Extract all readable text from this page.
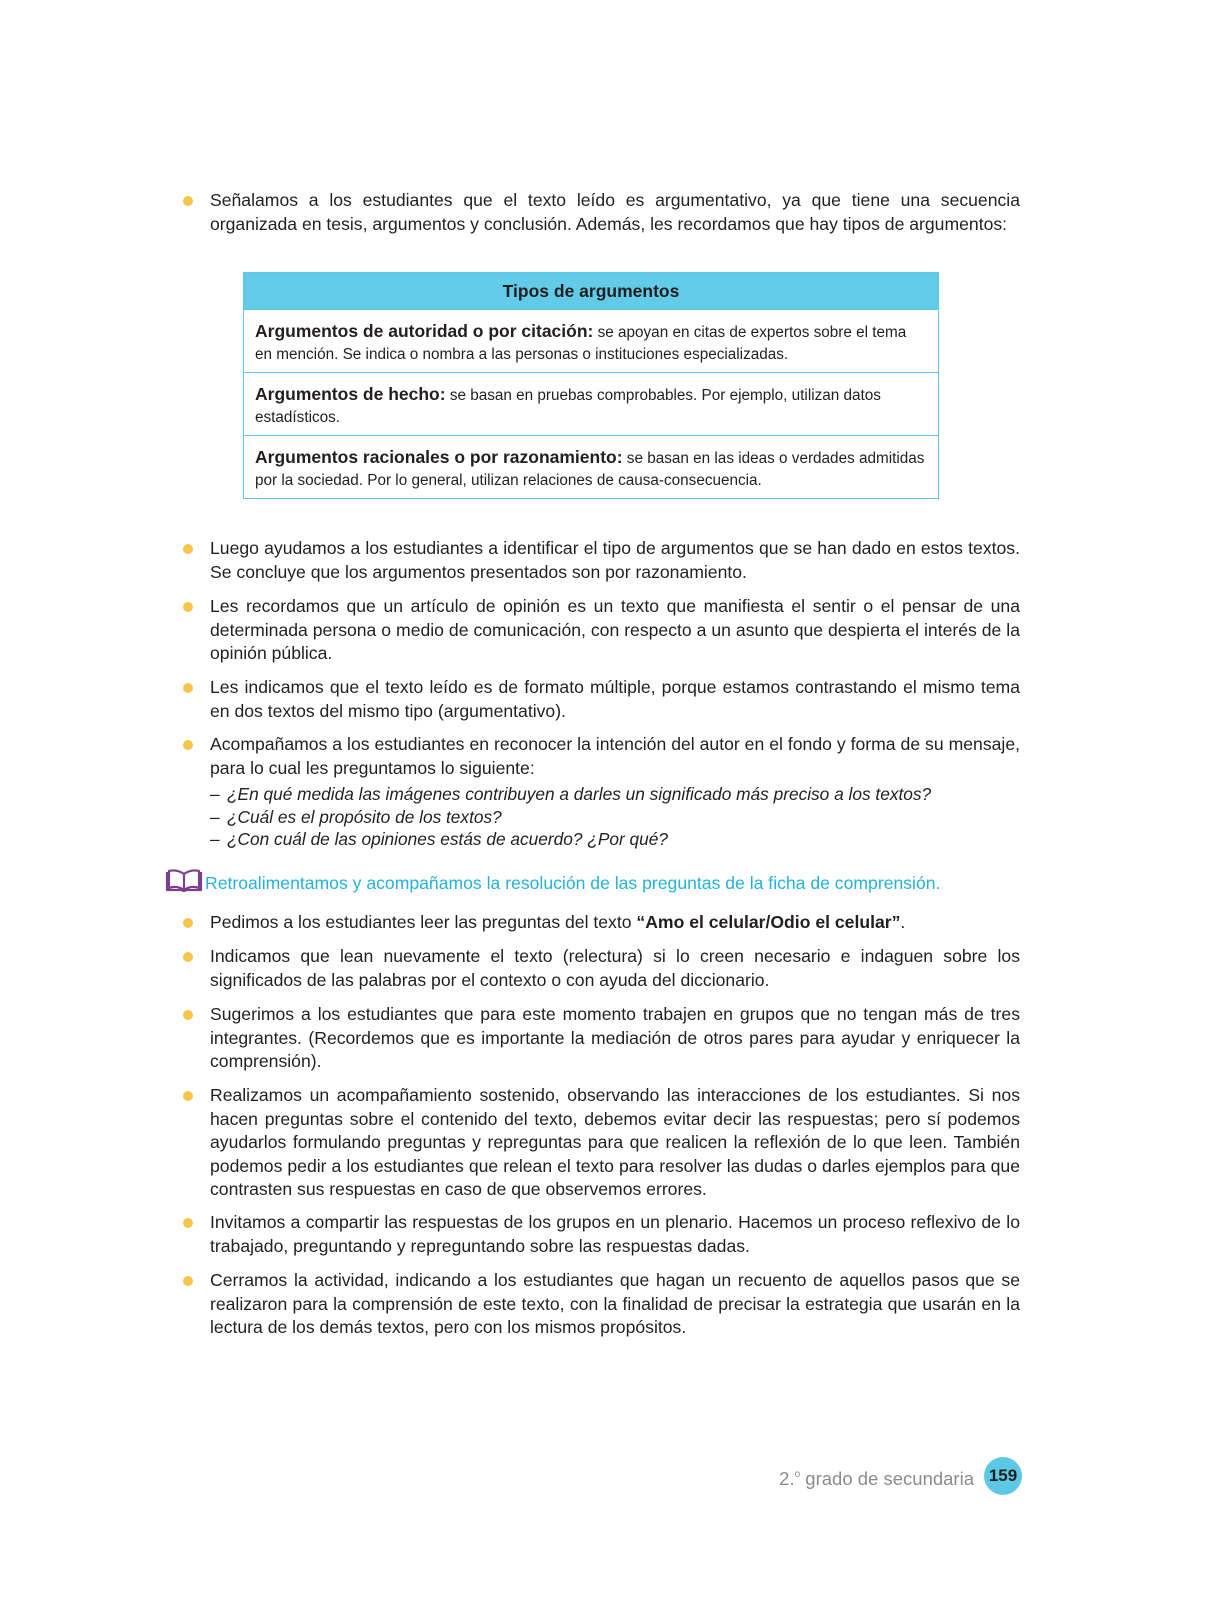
Señalamos a los estudiantes que el texto leído es argumentativo, ya que tiene una secuencia organizada en tesis, argumentos y conclusión. Además, les recordamos que hay tipos de argumentos:
Tipos de argumentos
Argumentos de autoridad o por citación: se apoyan en citas de expertos sobre el tema en mención. Se indica o nombra a las personas o instituciones especializadas.
Argumentos de hecho: se basan en pruebas comprobables. Por ejemplo, utilizan datos estadísticos.
Argumentos racionales o por razonamiento: se basan en las ideas o verdades admitidas por la sociedad. Por lo general, utilizan relaciones de causa-consecuencia.
Luego ayudamos a los estudiantes a identificar el tipo de argumentos que se han dado en estos textos. Se concluye que los argumentos presentados son por razonamiento.
Les recordamos que un artículo de opinión es un texto que manifiesta el sentir o el pensar de una determinada persona o medio de comunicación, con respecto a un asunto que despierta el interés de la opinión pública.
Les indicamos que el texto leído es de formato múltiple, porque estamos contrastando el mismo tema en dos textos del mismo tipo (argumentativo).
Acompañamos a los estudiantes en reconocer la intención del autor en el fondo y forma de su mensaje, para lo cual les preguntamos lo siguiente:
– ¿En qué medida las imágenes contribuyen a darles un significado más preciso a los textos?
– ¿Cuál es el propósito de los textos?
– ¿Con cuál de las opiniones estás de acuerdo? ¿Por qué?
Retroalimentamos y acompañamos la resolución de las preguntas de la ficha de comprensión.
Pedimos a los estudiantes leer las preguntas del texto “Amo el celular/Odio el celular”.
Indicamos que lean nuevamente el texto (relectura) si lo creen necesario e indaguen sobre los significados de las palabras por el contexto o con ayuda del diccionario.
Sugerimos a los estudiantes que para este momento trabajen en grupos que no tengan más de tres integrantes. (Recordemos que es importante la mediación de otros pares para ayudar y enriquecer la comprensión).
Realizamos un acompañamiento sostenido, observando las interacciones de los estudiantes. Si nos hacen preguntas sobre el contenido del texto, debemos evitar decir las respuestas; pero sí podemos ayudarlos formulando preguntas y repreguntas para que realicen la reflexión de lo que leen. También podemos pedir a los estudiantes que relean el texto para resolver las dudas o darles ejemplos para que contrasten sus respuestas en caso de que observemos errores.
Invitamos a compartir las respuestas de los grupos en un plenario. Hacemos un proceso reflexivo de lo trabajado, preguntando y repreguntando sobre las respuestas dadas.
Cerramos la actividad, indicando a los estudiantes que hagan un recuento de aquellos pasos que se realizaron para la comprensión de este texto, con la finalidad de precisar la estrategia que usarán en la lectura de los demás textos, pero con los mismos propósitos.
2.$^o$ grado de secundaria 159
